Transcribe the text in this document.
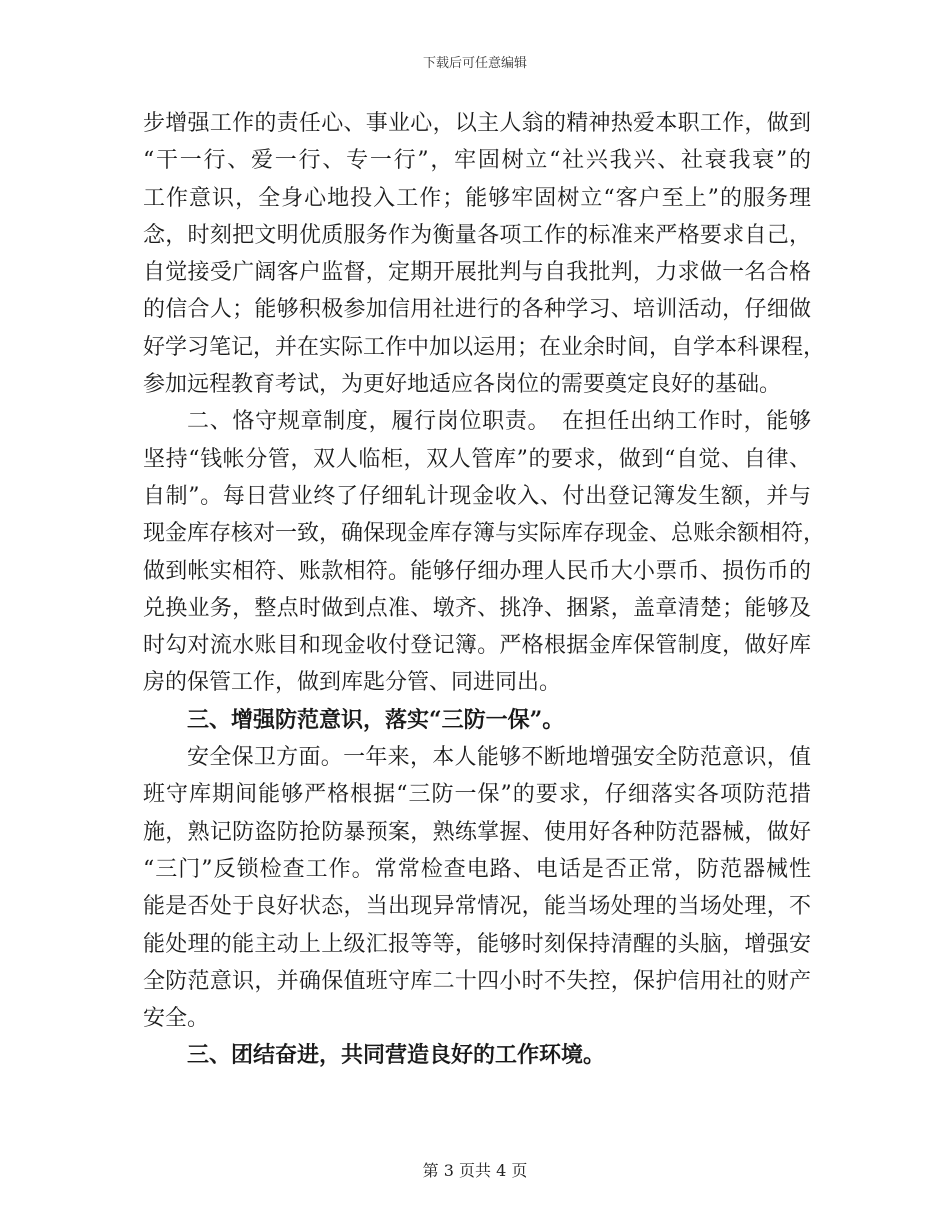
下载后可任意编辑
步增强工作的责任心、事业心，以主人翁的精神热爱本职工作，做到
“干一行、爱一行、专一行”，牢固树立“社兴我兴、社衰我衰”的
工作意识，全身心地投入工作；能够牢固树立“客户至上”的服务理
念，时刻把文明优质服务作为衡量各项工作的标准来严格要求自己，
自觉接受广阔客户监督，定期开展批判与自我批判，力求做一名合格
的信合人；能够积极参加信用社进行的各种学习、培训活动，仔细做
好学习笔记，并在实际工作中加以运用；在业余时间，自学本科课程，
参加远程教育考试，为更好地适应各岗位的需要奠定良好的基础。
二、恪守规章制度，履行岗位职责。　在担任出纳工作时，能够
坚持“钱帐分管，双人临柜，双人管库”的要求，做到“自觉、自律、
自制”。每日营业终了仔细轧计现金收入、付出登记簿发生额，并与
现金库存核对一致，确保现金库存簿与实际库存现金、总账余额相符，
做到帐实相符、账款相符。能够仔细办理人民币大小票币、损伤币的
兑换业务，整点时做到点准、墩齐、挑净、捆紧，盖章清楚；能够及
时勾对流水账目和现金收付登记簿。严格根据金库保管制度，做好库
房的保管工作，做到库匙分管、同进同出。
三、增强防范意识，落实“三防一保”。
安全保卫方面。一年来，本人能够不断地增强安全防范意识，值
班守库期间能够严格根据“三防一保”的要求，仔细落实各项防范措
施，熟记防盗防抢防暴预案，熟练掌握、使用好各种防范器械，做好
“三门”反锁检查工作。常常检查电路、电话是否正常，防范器械性
能是否处于良好状态，当出现异常情况，能当场处理的当场处理，不
能处理的能主动上上级汇报等等，能够时刻保持清醒的头脑，增强安
全防范意识，并确保值班守库二十四小时不失控，保护信用社的财产
安全。
三、团结奋进，共同营造良好的工作环境。
第 3 页共 4 页
